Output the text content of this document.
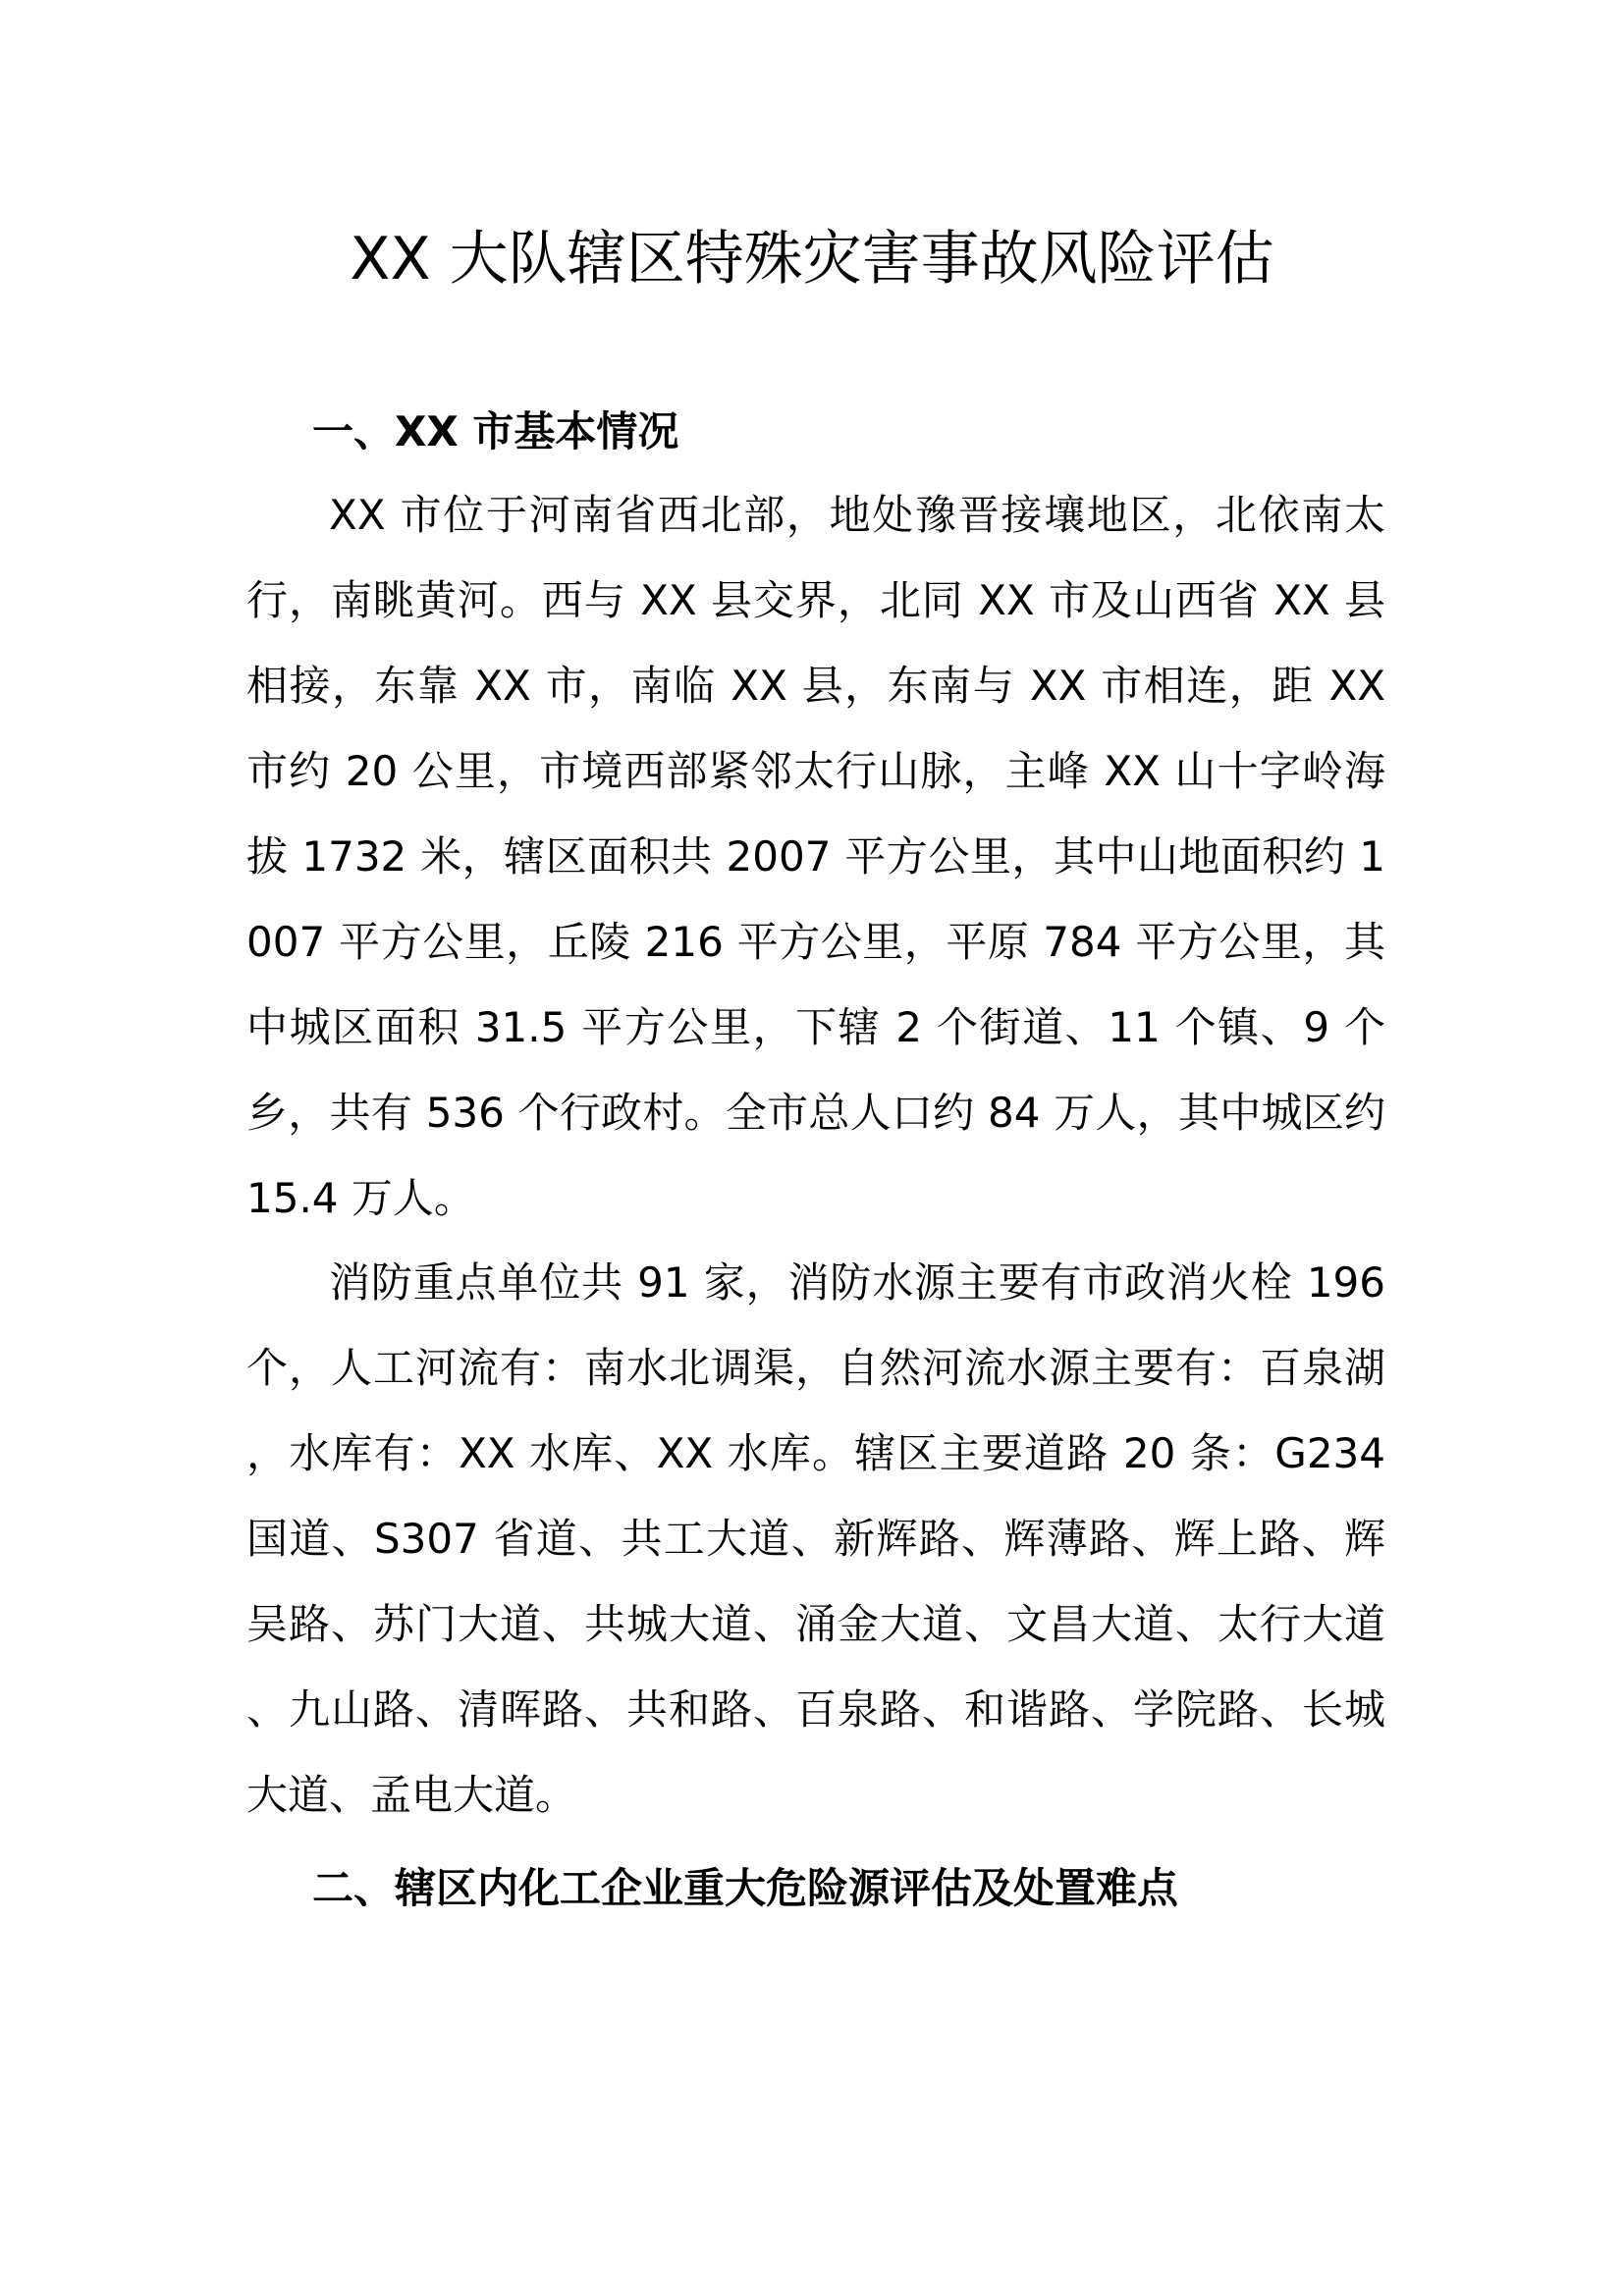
XX 大队辖区特殊灾害事故风险评估
一、XX 市基本情况

XX 市位于河南省西北部，地处豫晋接壤地区，北依南太行，南眺黄河。西与 XX 县交界，北同 XX 市及山西省 XX 县相接，东靠 XX 市，南临 XX 县，东南与 XX 市相连，距 XX 市约 20 公里，市境西部紧邻太行山脉，主峰 XX 山十字岭海拔 1732 米，辖区面积共 2007 平方公里，其中山地面积约 1007 平方公里，丘陵 216 平方公里，平原 784 平方公里，其中城区面积 31.5 平方公里，下辖 2 个街道、11 个镇、9 个乡，共有 536 个行政村。全市总人口约 84 万人，其中城区约 15.4 万人。

消防重点单位共 91 家，消防水源主要有市政消火栓 196 个，人工河流有：南水北调渠，自然河流水源主要有：百泉湖，水库有：XX 水库、XX 水库。辖区主要道路 20 条：G234 国道、S307 省道、共工大道、新辉路、辉薄路、辉上路、辉吴路、苏门大道、共城大道、涌金大道、文昌大道、太行大道、九山路、清晖路、共和路、百泉路、和谐路、学院路、长城大道、孟电大道。

二、辖区内化工企业重大危险源评估及处置难点
